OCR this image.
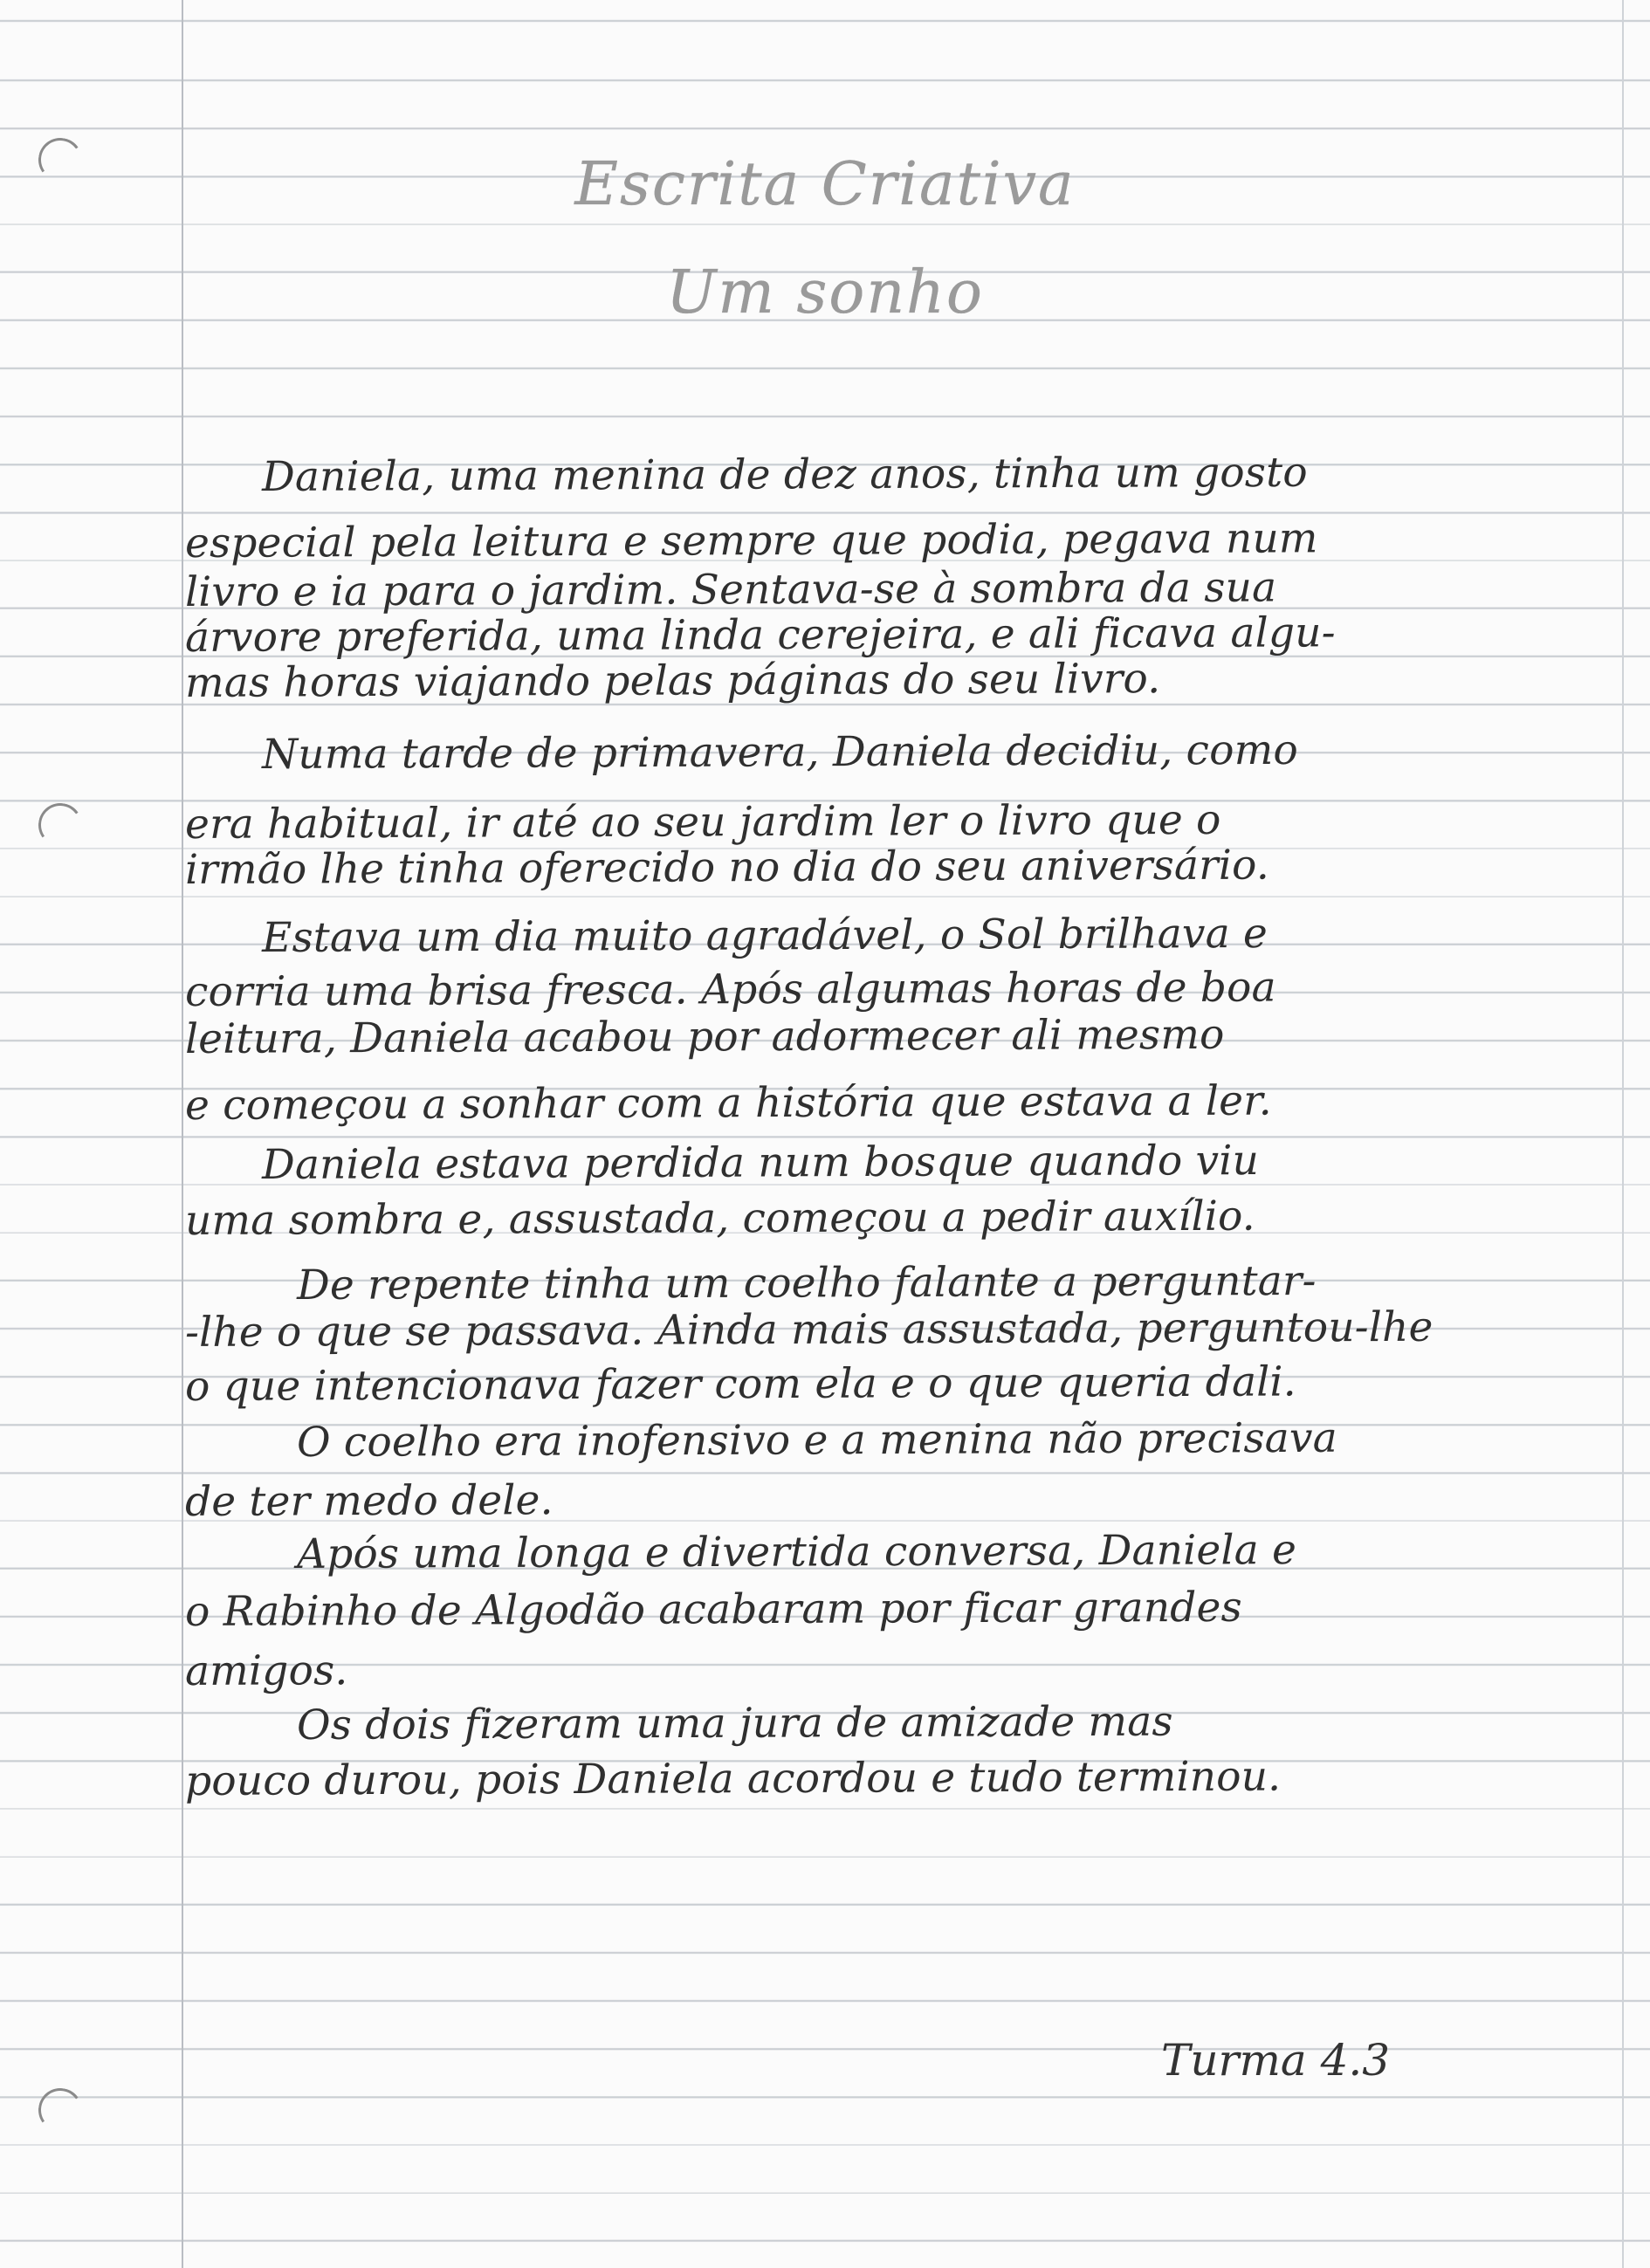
Escrita Criativa
Um sonho
Daniela, uma menina de dez anos, tinha um gosto
especial pela leitura e sempre que podia, pegava num
livro e ia para o jardim. Sentava-se à sombra da sua
árvore preferida, uma linda cerejeira, e ali ficava algu-
mas horas viajando pelas páginas do seu livro.
Numa tarde de primavera, Daniela decidiu, como
era habitual, ir até ao seu jardim ler o livro que o
irmão lhe tinha oferecido no dia do seu aniversário.
Estava um dia muito agradável, o Sol brilhava e
corria uma brisa fresca. Após algumas horas de boa
leitura, Daniela acabou por adormecer ali mesmo
e começou a sonhar com a história que estava a ler.
Daniela estava perdida num bosque quando viu
uma sombra e, assustada, começou a pedir auxílio.
De repente tinha um coelho falante a perguntar-
-lhe o que se passava. Ainda mais assustada, perguntou-lhe
o que intencionava fazer com ela e o que queria dali.
O coelho era inofensivo e a menina não precisava
de ter medo dele.
Após uma longa e divertida conversa, Daniela e
o Rabinho de Algodão acabaram por ficar grandes
amigos.
Os dois fizeram uma jura de amizade mas
pouco durou, pois Daniela acordou e tudo terminou.
Turma 4.3
